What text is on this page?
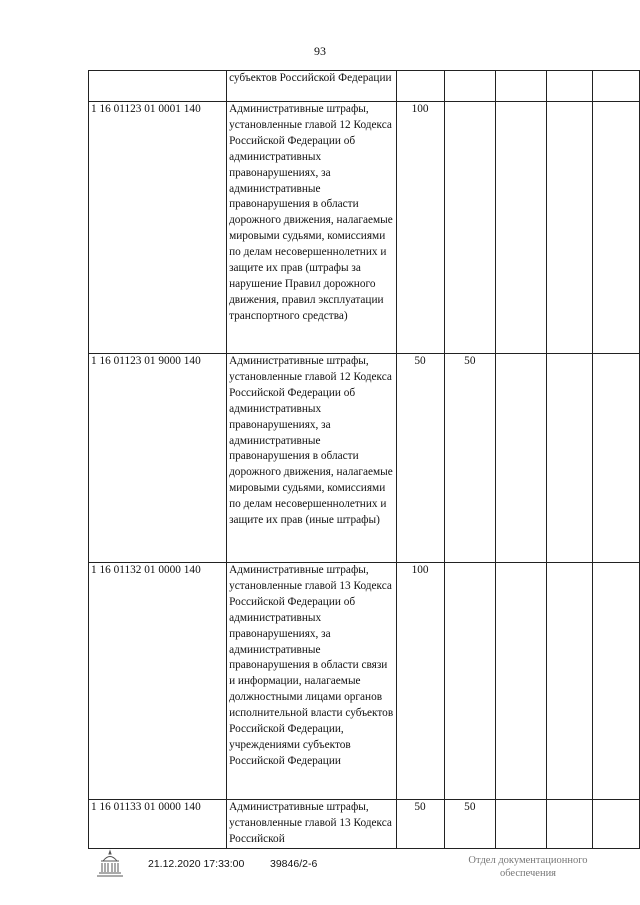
93
	субъектов Российской Федерации					
1 16 01123 01 0001 140	Административные штрафы, установленные главой 12 Кодекса Российской Федерации об административных правонарушениях, за административные правонарушения в области дорожного движения, налагаемые мировыми судьями, комиссиями по делам несовершеннолетних и защите их прав (штрафы за нарушение Правил дорожного движения, правил эксплуатации транспортного средства)	100				
1 16 01123 01 9000 140	Административные штрафы, установленные главой 12 Кодекса Российской Федерации об административных правонарушениях, за административные правонарушения в области дорожного движения, налагаемые мировыми судьями, комиссиями по делам несовершеннолетних и защите их прав (иные штрафы)	50	50			
1 16 01132 01 0000 140	Административные штрафы, установленные главой 13 Кодекса Российской Федерации об административных правонарушениях, за административные правонарушения в области связи и информации, налагаемые должностными лицами органов исполнительной власти субъектов Российской Федерации, учреждениями субъектов Российской Федерации	100				
1 16 01133 01 0000 140	Административные штрафы, установленные главой 13 Кодекса Российской	50	50			
21.12.2020 17:33:00 39846/2-6	Отдел документационного обеспечения
